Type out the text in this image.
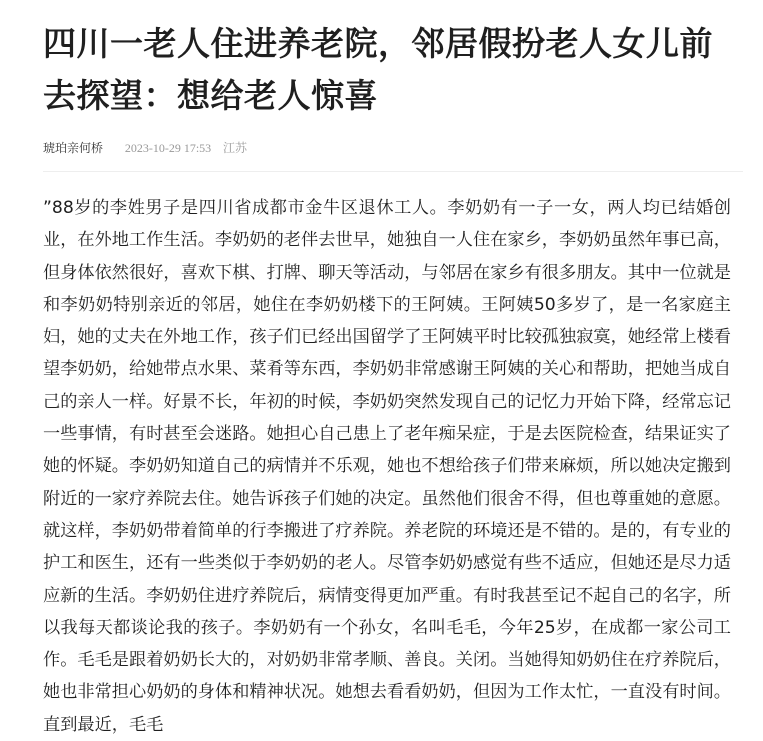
四川一老人住进养老院，邻居假扮老人女儿前去探望：想给老人惊喜
琥珀亲何桥 2023-10-29 17:53 江苏

”88岁的李姓男子是四川省成都市金牛区退休工人。李奶奶有一子一女，两人均已结婚创业，在外地工作生活。李奶奶的老伴去世早，她独自一人住在家乡，李奶奶虽然年事已高，但身体依然很好，喜欢下棋、打牌、聊天等活动，与邻居在家乡有很多朋友。其中一位就是和李奶奶特别亲近的邻居，她住在李奶奶楼下的王阿姨。王阿姨50多岁了，是一名家庭主妇，她的丈夫在外地工作，孩子们已经出国留学了王阿姨平时比较孤独寂寞，她经常上楼看望李奶奶，给她带点水果、菜肴等东西，李奶奶非常感谢王阿姨的关心和帮助，把她当成自己的亲人一样。好景不长，年初的时候，李奶奶突然发现自己的记忆力开始下降，经常忘记一些事情，有时甚至会迷路。她担心自己患上了老年痴呆症，于是去医院检查，结果证实了她的怀疑。李奶奶知道自己的病情并不乐观，她也不想给孩子们带来麻烦，所以她决定搬到附近的一家疗养院去住。她告诉孩子们她的决定。虽然他们很舍不得，但也尊重她的意愿。就这样，李奶奶带着简单的行李搬进了疗养院。养老院的环境还是不错的。是的，有专业的护工和医生，还有一些类似于李奶奶的老人。尽管李奶奶感觉有些不适应，但她还是尽力适应新的生活。李奶奶住进疗养院后，病情变得更加严重。有时我甚至记不起自己的名字，所以我每天都谈论我的孩子。李奶奶有一个孙女，名叫毛毛，今年25岁，在成都一家公司工作。毛毛是跟着奶奶长大的，对奶奶非常孝顺、善良。关闭。当她得知奶奶住在疗养院后，她也非常担心奶奶的身体和精神状况。她想去看看奶奶，但因为工作太忙，一直没有时间。直到最近，毛毛
